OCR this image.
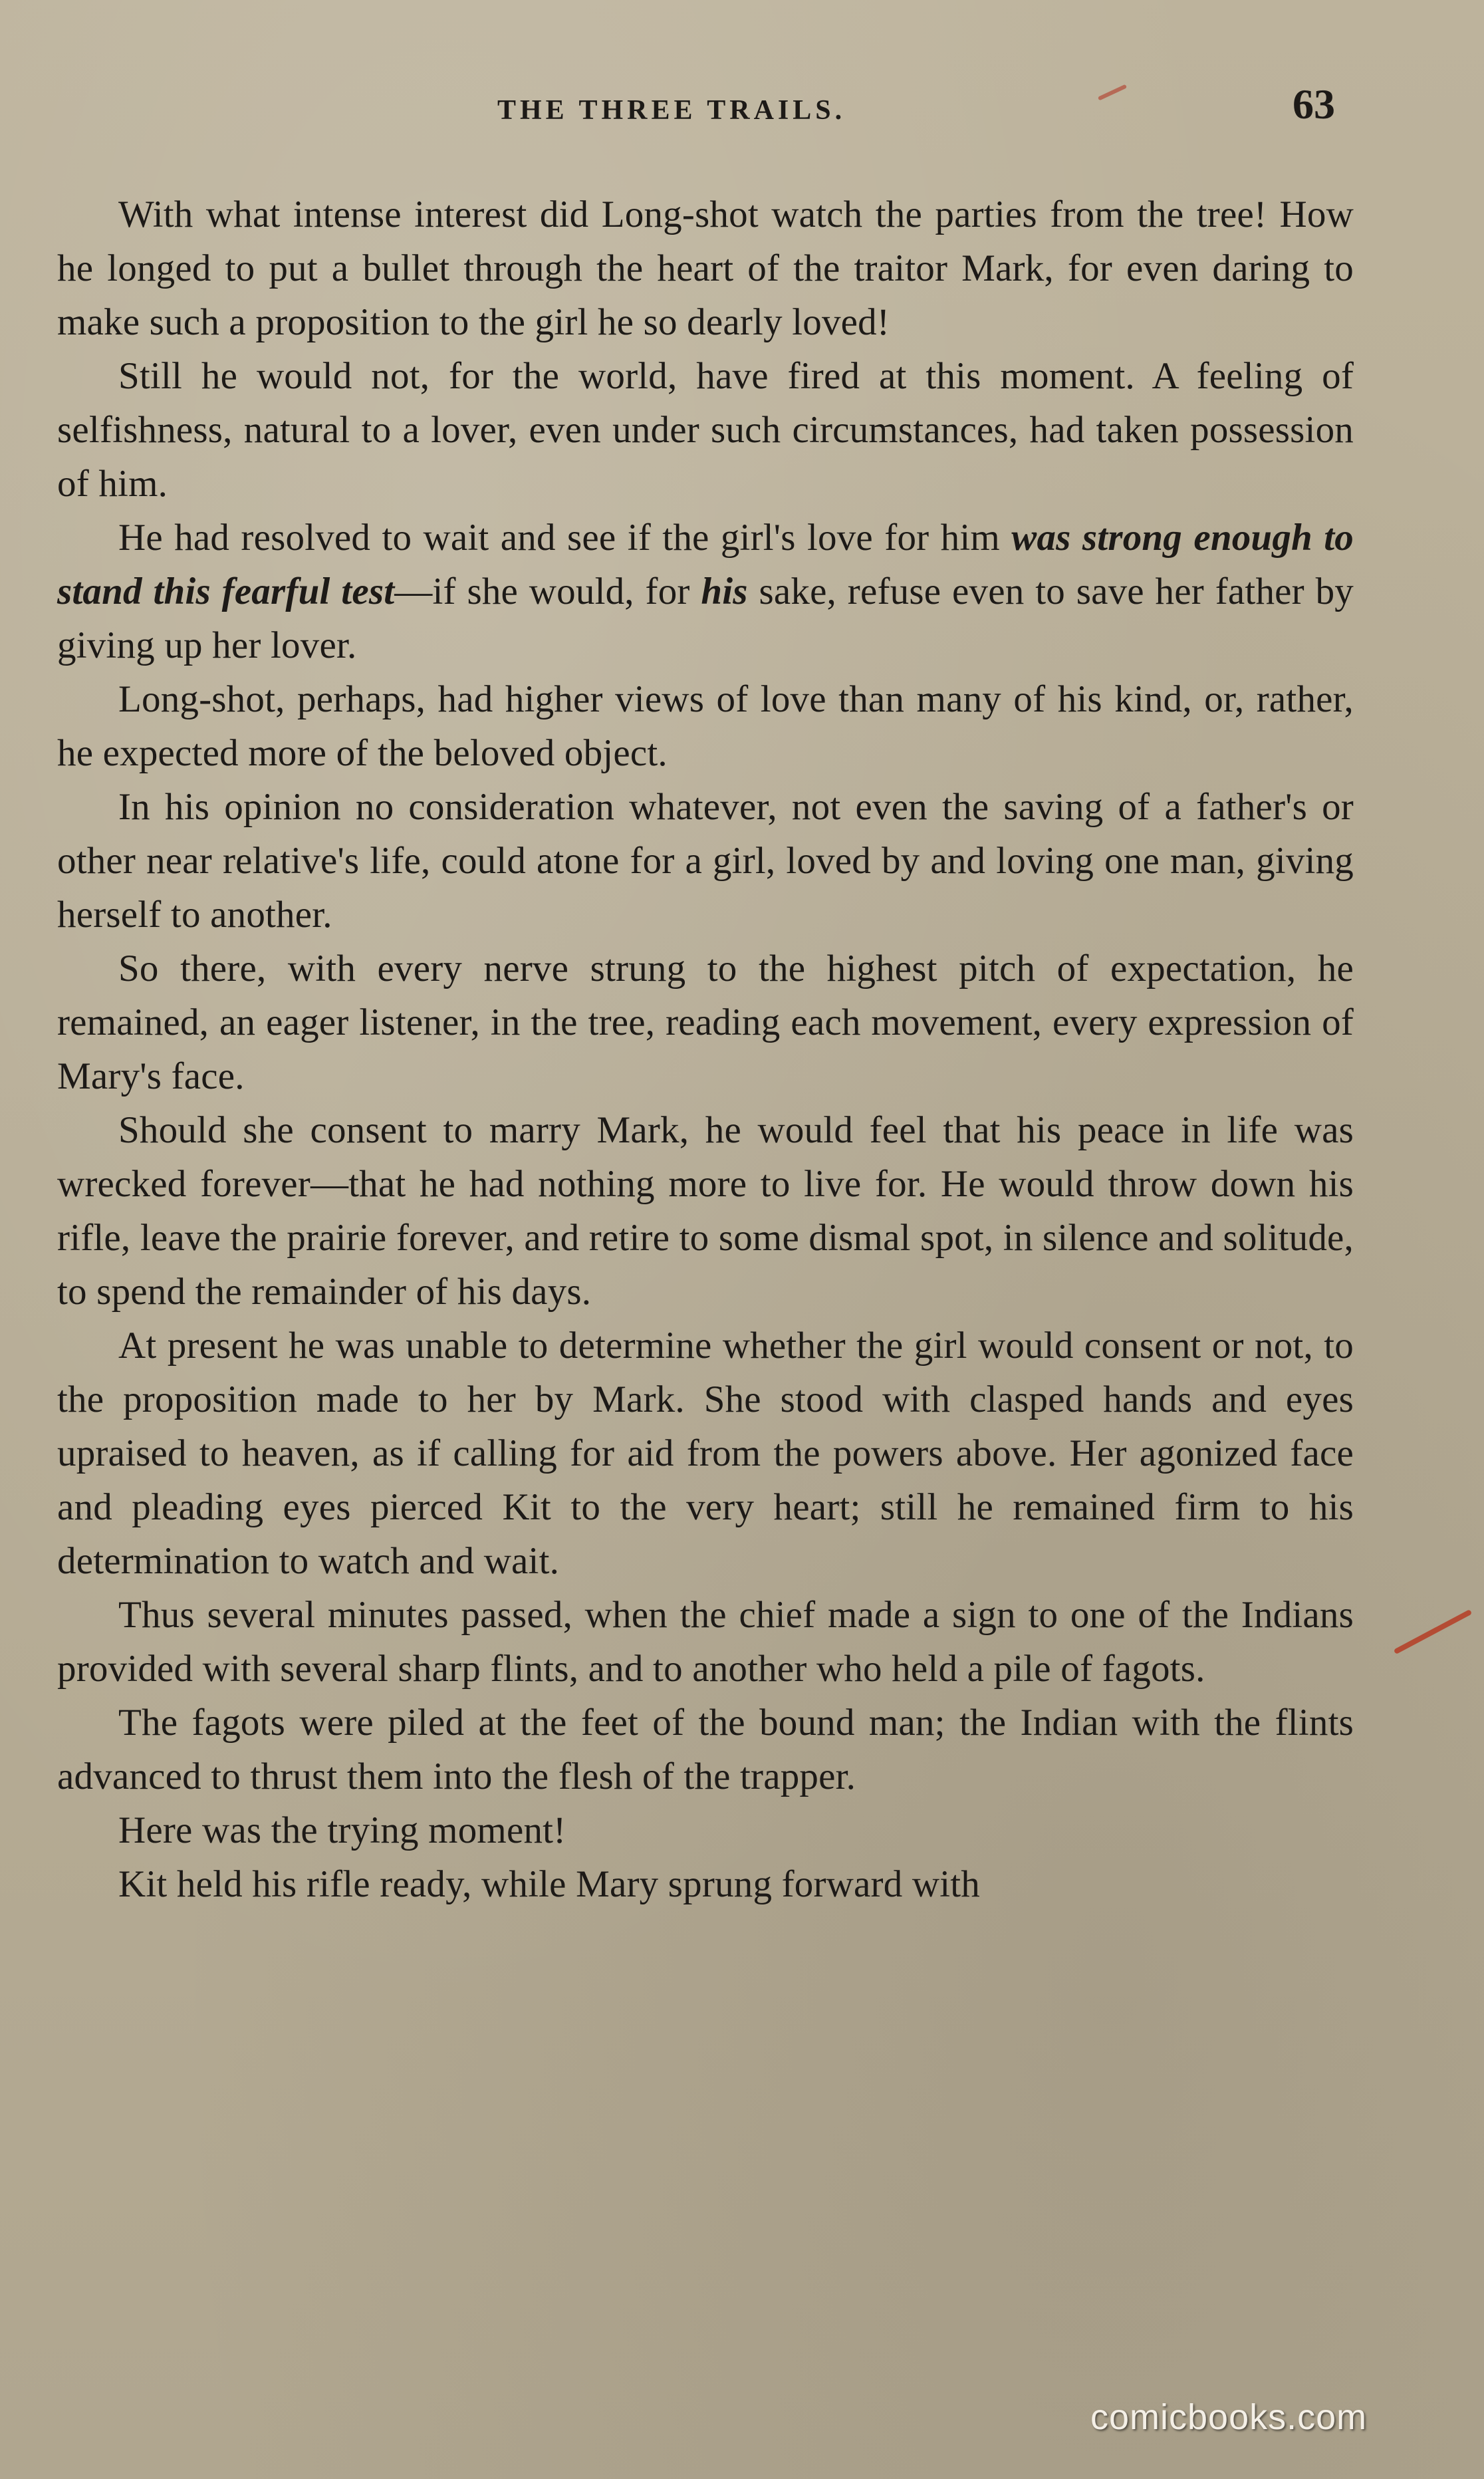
THE THREE TRAILS.	63

With what intense interest did Long-shot watch the parties from the tree! How he longed to put a bullet through the heart of the traitor Mark, for even daring to make such a proposition to the girl he so dearly loved!

Still he would not, for the world, have fired at this moment. A feeling of selfishness, natural to a lover, even under such circumstances, had taken possession of him.

He had resolved to wait and see if the girl's love for him was strong enough to stand this fearful test—if she would, for his sake, refuse even to save her father by giving up her lover.

Long-shot, perhaps, had higher views of love than many of his kind, or, rather, he expected more of the beloved object.

In his opinion no consideration whatever, not even the saving of a father's or other near relative's life, could atone for a girl, loved by and loving one man, giving herself to another.

So there, with every nerve strung to the highest pitch of expectation, he remained, an eager listener, in the tree, reading each movement, every expression of Mary's face.

Should she consent to marry Mark, he would feel that his peace in life was wrecked forever—that he had nothing more to live for. He would throw down his rifle, leave the prairie forever, and retire to some dismal spot, in silence and solitude, to spend the remainder of his days.

At present he was unable to determine whether the girl would consent or not, to the proposition made to her by Mark. She stood with clasped hands and eyes upraised to heaven, as if calling for aid from the powers above. Her agonized face and pleading eyes pierced Kit to the very heart; still he remained firm to his determination to watch and wait.

Thus several minutes passed, when the chief made a sign to one of the Indians provided with several sharp flints, and to another who held a pile of fagots.

The fagots were piled at the feet of the bound man; the Indian with the flints advanced to thrust them into the flesh of the trapper.

Here was the trying moment!

Kit held his rifle ready, while Mary sprung forward with

comicbooks.com
